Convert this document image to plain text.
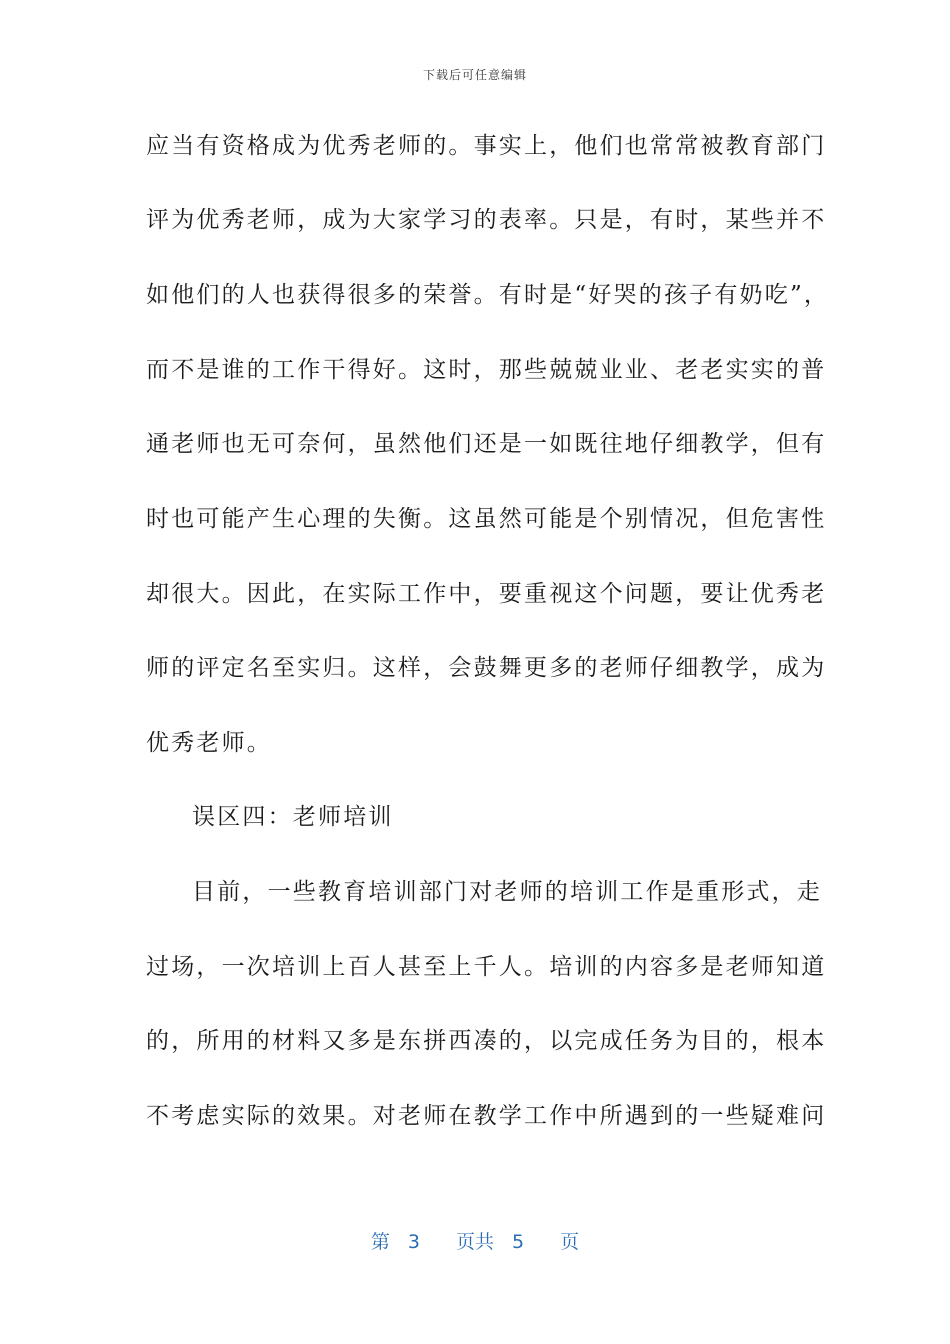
下载后可任意编辑
应当有资格成为优秀老师的。事实上，他们也常常被教育部门
评为优秀老师，成为大家学习的表率。只是，有时，某些并不
如他们的人也获得很多的荣誉。有时是“好哭的孩子有奶吃”，
而不是谁的工作干得好。这时，那些兢兢业业、老老实实的普
通老师也无可奈何，虽然他们还是一如既往地仔细教学，但有
时也可能产生心理的失衡。这虽然可能是个别情况，但危害性
却很大。因此，在实际工作中，要重视这个问题，要让优秀老
师的评定名至实归。这样，会鼓舞更多的老师仔细教学，成为
优秀老师。
误区四：老师培训
目前，一些教育培训部门对老师的培训工作是重形式，走
过场，一次培训上百人甚至上千人。培训的内容多是老师知道
的，所用的材料又多是东拼西凑的，以完成任务为目的，根本
不考虑实际的效果。对老师在教学工作中所遇到的一些疑难问
第 3 页共 5 页
